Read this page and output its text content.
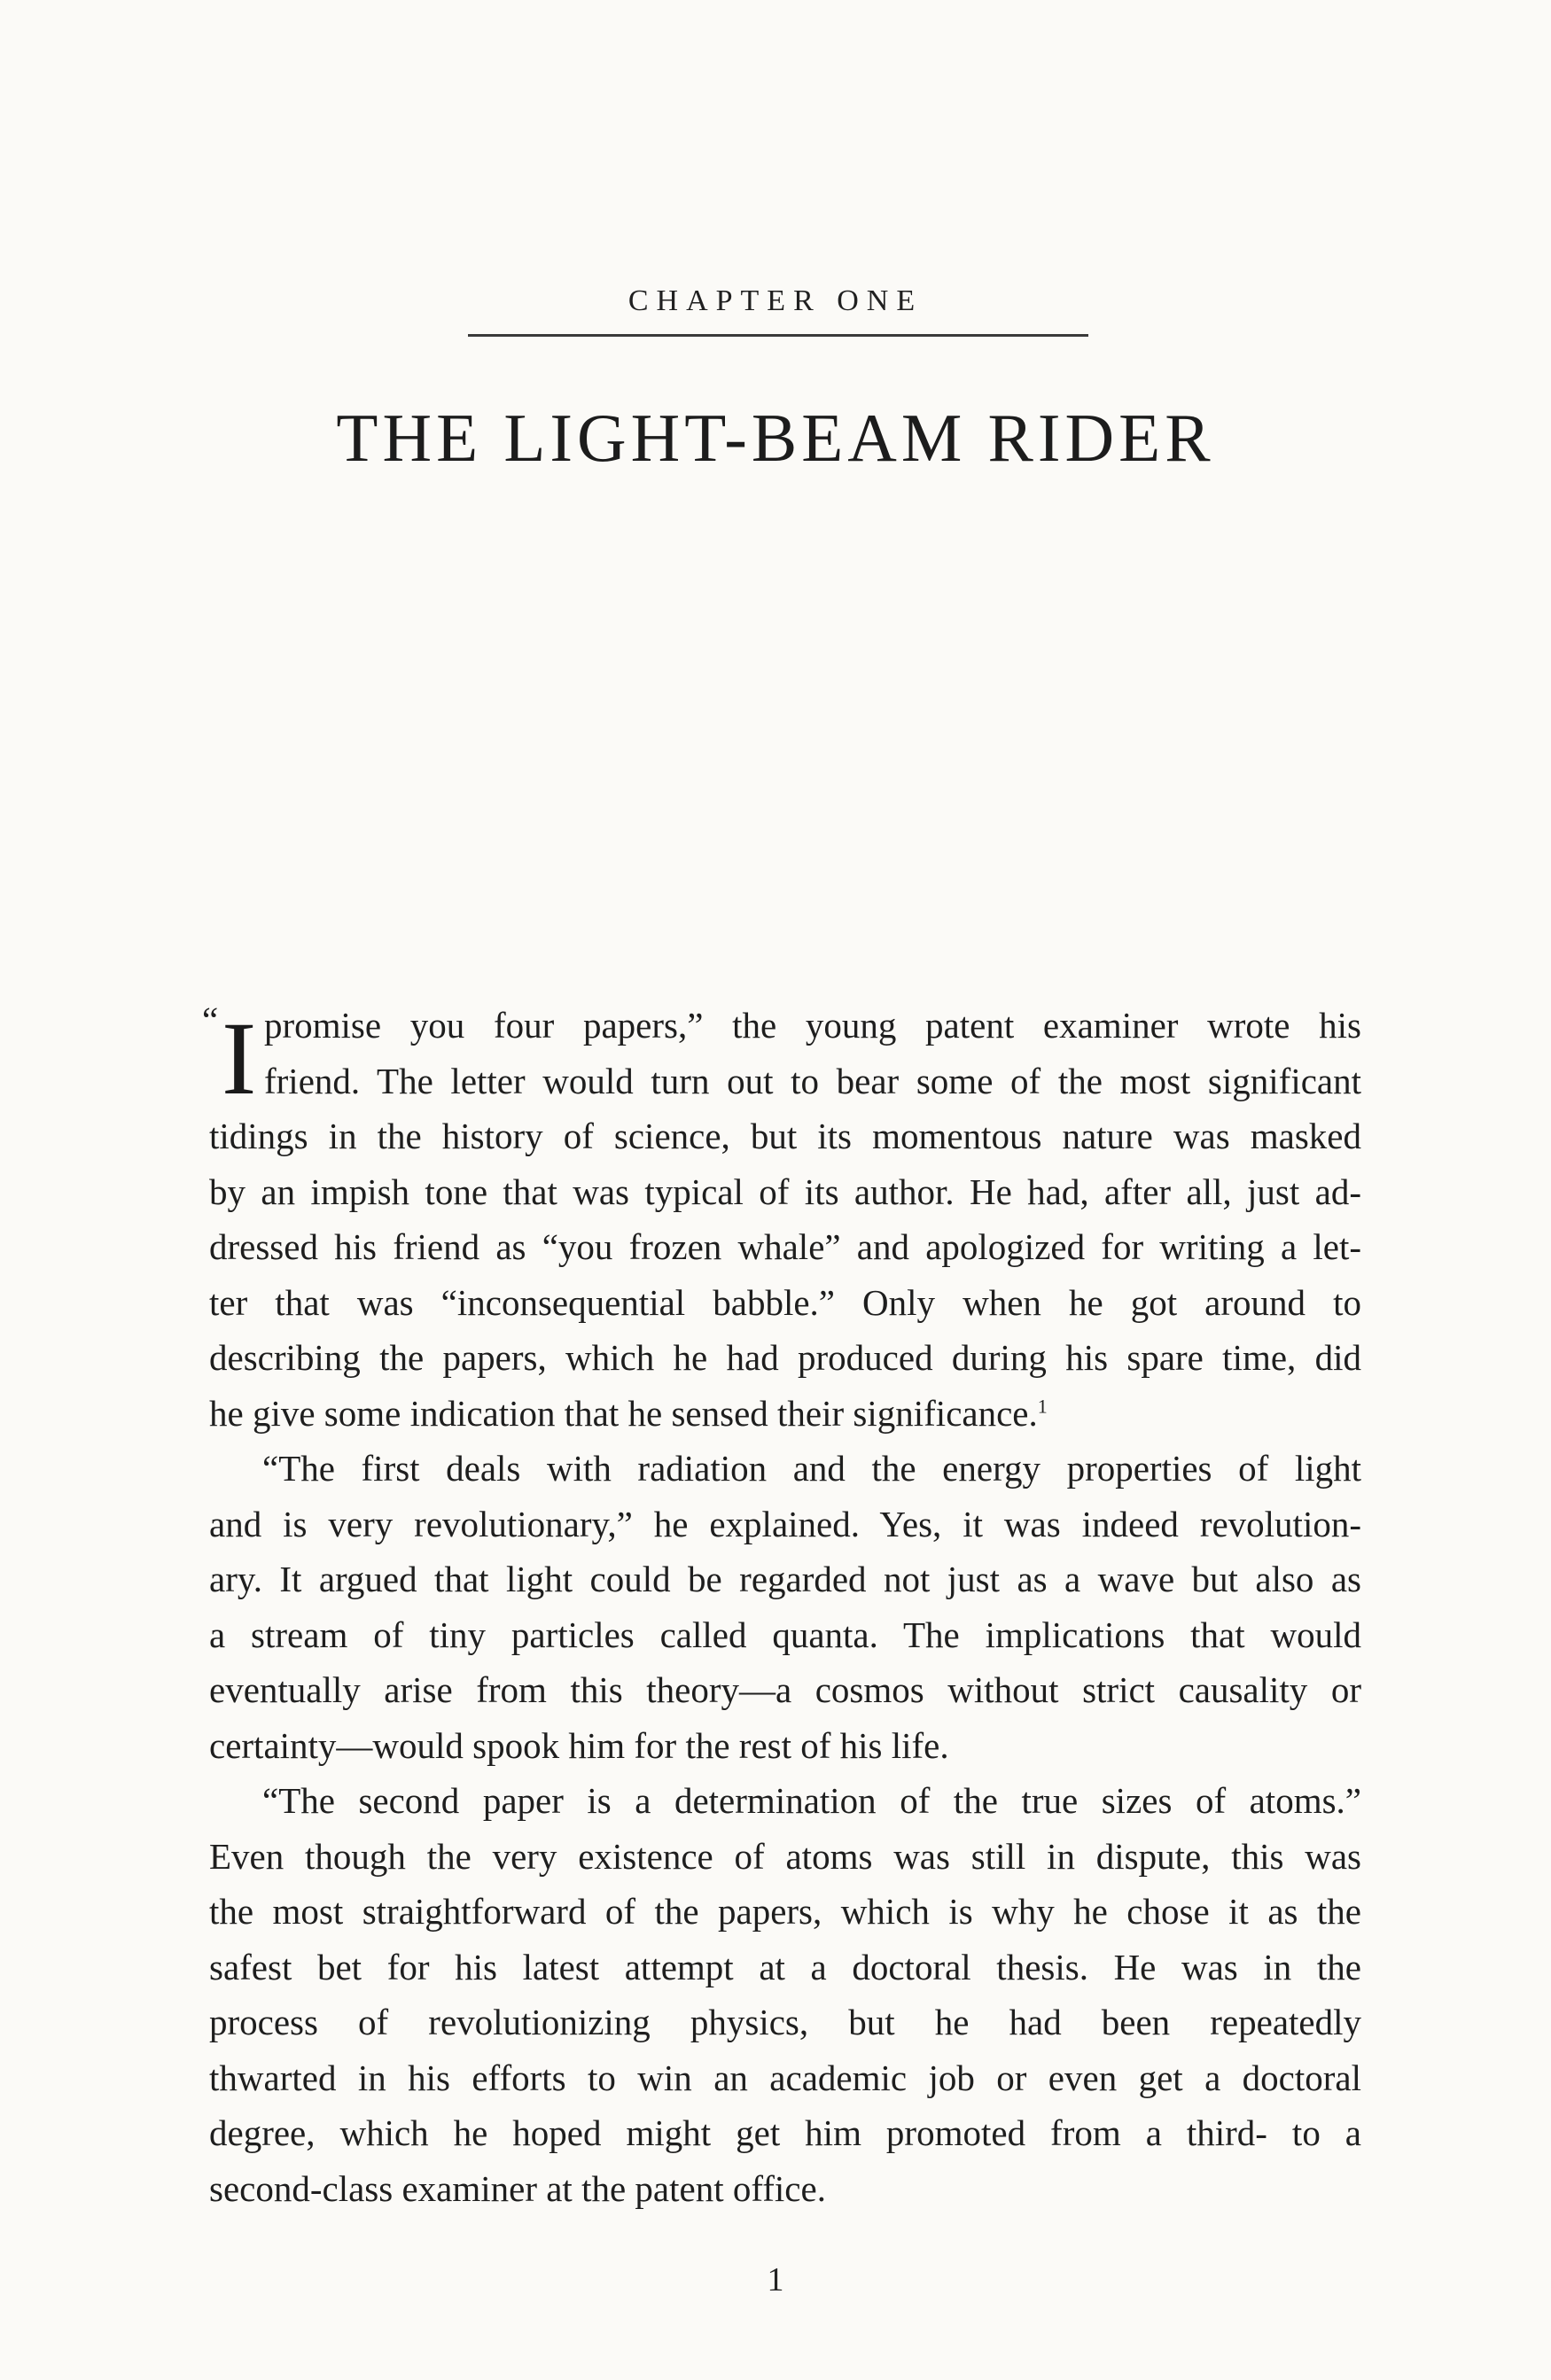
CHAPTER ONE
THE LIGHT-BEAM RIDER
“ I promise you four papers,” the young patent examiner wrote his
friend. The letter would turn out to bear some of the most significant
tidings in the history of science, but its momentous nature was masked
by an impish tone that was typical of its author. He had, after all, just ad-
dressed his friend as “you frozen whale” and apologized for writing a let-
ter that was “inconsequential babble.” Only when he got around to
describing the papers, which he had produced during his spare time, did
he give some indication that he sensed their significance.$^1$
“The first deals with radiation and the energy properties of light
and is very revolutionary,” he explained. Yes, it was indeed revolution-
ary. It argued that light could be regarded not just as a wave but also as
a stream of tiny particles called quanta. The implications that would
eventually arise from this theory—a cosmos without strict causality or
certainty—would spook him for the rest of his life.
“The second paper is a determination of the true sizes of atoms.”
Even though the very existence of atoms was still in dispute, this was
the most straightforward of the papers, which is why he chose it as the
safest bet for his latest attempt at a doctoral thesis. He was in the
process of revolutionizing physics, but he had been repeatedly
thwarted in his efforts to win an academic job or even get a doctoral
degree, which he hoped might get him promoted from a third- to a
second-class examiner at the patent office.
1
